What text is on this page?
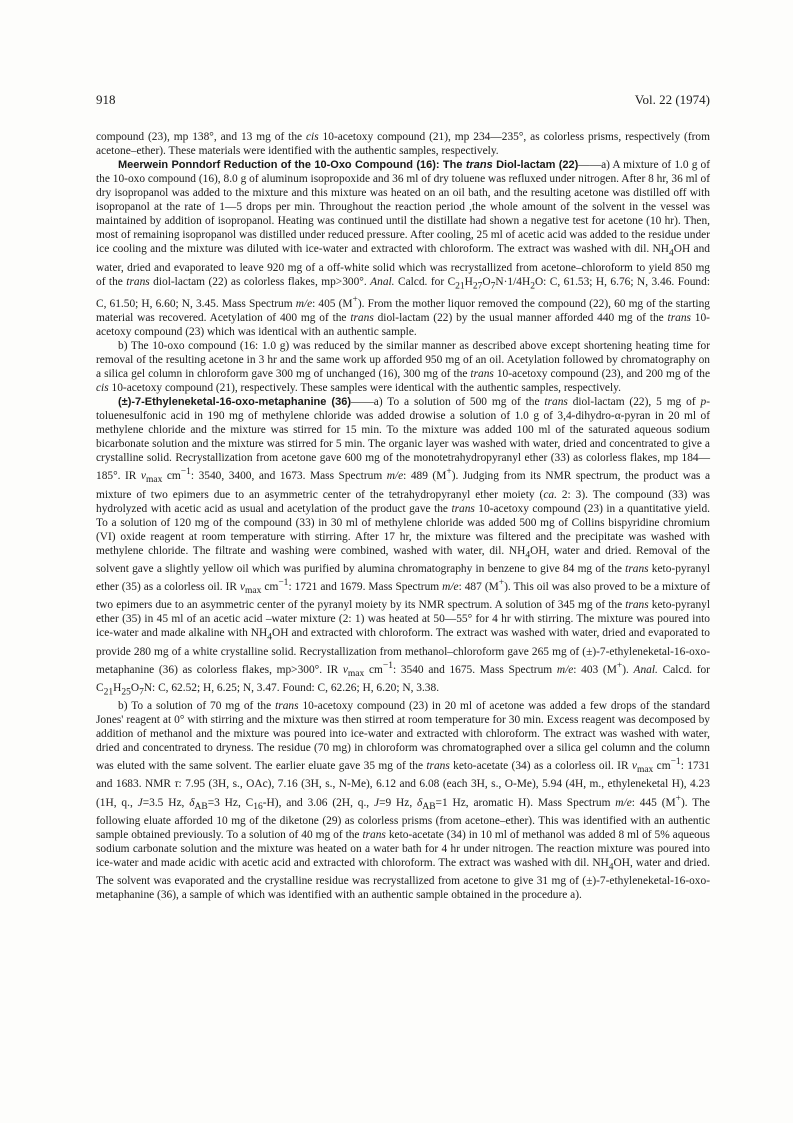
918	Vol. 22 (1974)

compound (23), mp 138°, and 13 mg of the cis 10-acetoxy compound (21), mp 234—235°, as colorless prisms, respectively (from acetone–ether). These materials were identified with the authentic samples, respectively.

Meerwein Ponndorf Reduction of the 10-Oxo Compound (16): The trans Diol-lactam (22)——a) A mixture of 1.0 g of the 10-oxo compound (16), 8.0 g of aluminum isopropoxide and 36 ml of dry toluene was refluxed under nitrogen. After 8 hr, 36 ml of dry isopropanol was added to the mixture and this mixture was heated on an oil bath, and the resulting acetone was distilled off with isopropanol at the rate of 1—5 drops per min. Throughout the reaction period ,the whole amount of the solvent in the vessel was maintained by addition of isopropanol. Heating was continued until the distillate had shown a negative test for acetone (10 hr). Then, most of remaining isopropanol was distilled under reduced pressure. After cooling, 25 ml of acetic acid was added to the residue under ice cooling and the mixture was diluted with ice-water and extracted with chloroform. The extract was washed with dil. $NH_4OH$ and water, dried and evaporated to leave 920 mg of a off-white solid which was recrystallized from acetone–chloroform to yield 850 mg of the trans diol-lactam (22) as colorless flakes, mp>300°. Anal. Calcd. for $C_{21}H_{27}O_7N\cdot 1/4H_2O$: C, 61.53; H, 6.76; N, 3.46. Found: C, 61.50; H, 6.60; N, 3.45. Mass Spectrum m/e: 405 (M+). From the mother liquor removed the compound (22), 60 mg of the starting material was recovered. Acetylation of 400 mg of the trans diol-lactam (22) by the usual manner afforded 440 mg of the trans 10-acetoxy compound (23) which was identical with an authentic sample.

b) The 10-oxo compound (16: 1.0 g) was reduced by the similar manner as described above except shortening heating time for removal of the resulting acetone in 3 hr and the same work up afforded 950 mg of an oil. Acetylation followed by chromatography on a silica gel column in chloroform gave 300 mg of unchanged (16), 300 mg of the trans 10-acetoxy compound (23), and 200 mg of the cis 10-acetoxy compound (21), respectively. These samples were identical with the authentic samples, respectively.

(±)-7-Ethyleneketal-16-oxo-metaphanine (36)——a) To a solution of 500 mg of the trans diol-lactam (22), 5 mg of p-toluenesulfonic acid in 190 mg of methylene chloride was added drowise a solution of 1.0 g of 3,4-dihydro-α-pyran in 20 ml of methylene chloride and the mixture was stirred for 15 min. To the mixture was added 100 ml of the saturated aqueous sodium bicarbonate solution and the mixture was stirred for 5 min. The organic layer was washed with water, dried and concentrated to give a crystalline solid. Recrystallization from acetone gave 600 mg of the monotetrahydropyranyl ether (33) as colorless flakes, mp 184—185°. IR $\nu_{max}$ $cm^{-1}$: 3540, 3400, and 1673. Mass Spectrum m/e: 489 (M+). Judging from its NMR spectrum, the product was a mixture of two epimers due to an asymmetric center of the tetrahydropyranyl ether moiety (ca. 2: 3). The compound (33) was hydrolyzed with acetic acid as usual and acetylation of the product gave the trans 10-acetoxy compound (23) in a quantitative yield. To a solution of 120 mg of the compound (33) in 30 ml of methylene chloride was added 500 mg of Collins bispyridine chromium (VI) oxide reagent at room temperature with stirring. After 17 hr, the mixture was filtered and the precipitate was washed with methylene chloride. The filtrate and washing were combined, washed with water, dil. $NH_4OH$, water and dried. Removal of the solvent gave a slightly yellow oil which was purified by alumina chromatography in benzene to give 84 mg of the trans keto-pyranyl ether (35) as a colorless oil. IR $\nu_{max}$ $cm^{-1}$: 1721 and 1679. Mass Spectrum m/e: 487 (M+). This oil was also proved to be a mixture of two epimers due to an asymmetric center of the pyranyl moiety by its NMR spectrum. A solution of 345 mg of the trans keto-pyranyl ether (35) in 45 ml of an acetic acid –water mixture (2: 1) was heated at 50—55° for 4 hr with stirring. The mixture was poured into ice-water and made alkaline with $NH_4OH$ and extracted with chloroform. The extract was washed with water, dried and evaporated to provide 280 mg of a white crystalline solid. Recrystallization from methanol–chloroform gave 265 mg of (±)-7-ethyleneketal-16-oxo-metaphanine (36) as colorless flakes, mp>300°. IR $\nu_{max}$ $cm^{-1}$: 3540 and 1675. Mass Spectrum m/e: 403 (M+). Anal. Calcd. for $C_{21}H_{25}O_7N$: C, 62.52; H, 6.25; N, 3.47. Found: C, 62.26; H, 6.20; N, 3.38.

b) To a solution of 70 mg of the trans 10-acetoxy compound (23) in 20 ml of acetone was added a few drops of the standard Jones' reagent at 0° with stirring and the mixture was then stirred at room temperature for 30 min. Excess reagent was decomposed by addition of methanol and the mixture was poured into ice-water and extracted with chloroform. The extract was washed with water, dried and concentrated to dryness. The residue (70 mg) in chloroform was chromatographed over a silica gel column and the column was eluted with the same solvent. The earlier eluate gave 35 mg of the trans keto-acetate (34) as a colorless oil. IR $\nu_{max}$ $cm^{-1}$: 1731 and 1683. NMR τ: 7.95 (3H, s., OAc), 7.16 (3H, s., N-Me), 6.12 and 6.08 (each 3H, s., O-Me), 5.94 (4H, m., ethyleneketal H), 4.23 (1H, q., J=3.5 Hz, $\delta_{AB}=3$ Hz, $C_{16}-H$), and 3.06 (2H, q., J=9 Hz, $\delta_{AB}=1$ Hz, aromatic H). Mass Spectrum m/e: 445 (M+). The following eluate afforded 10 mg of the diketone (29) as colorless prisms (from acetone–ether). This was identified with an authentic sample obtained previously. To a solution of 40 mg of the trans keto-acetate (34) in 10 ml of methanol was added 8 ml of 5% aqueous sodium carbonate solution and the mixture was heated on a water bath for 4 hr under nitrogen. The reaction mixture was poured into ice-water and made acidic with acetic acid and extracted with chloroform. The extract was washed with dil. $NH_4OH$, water and dried. The solvent was evaporated and the crystalline residue was recrystallized from acetone to give 31 mg of (±)-7-ethyleneketal-16-oxo-metaphanine (36), a sample of which was identified with an authentic sample obtained in the procedure a).
